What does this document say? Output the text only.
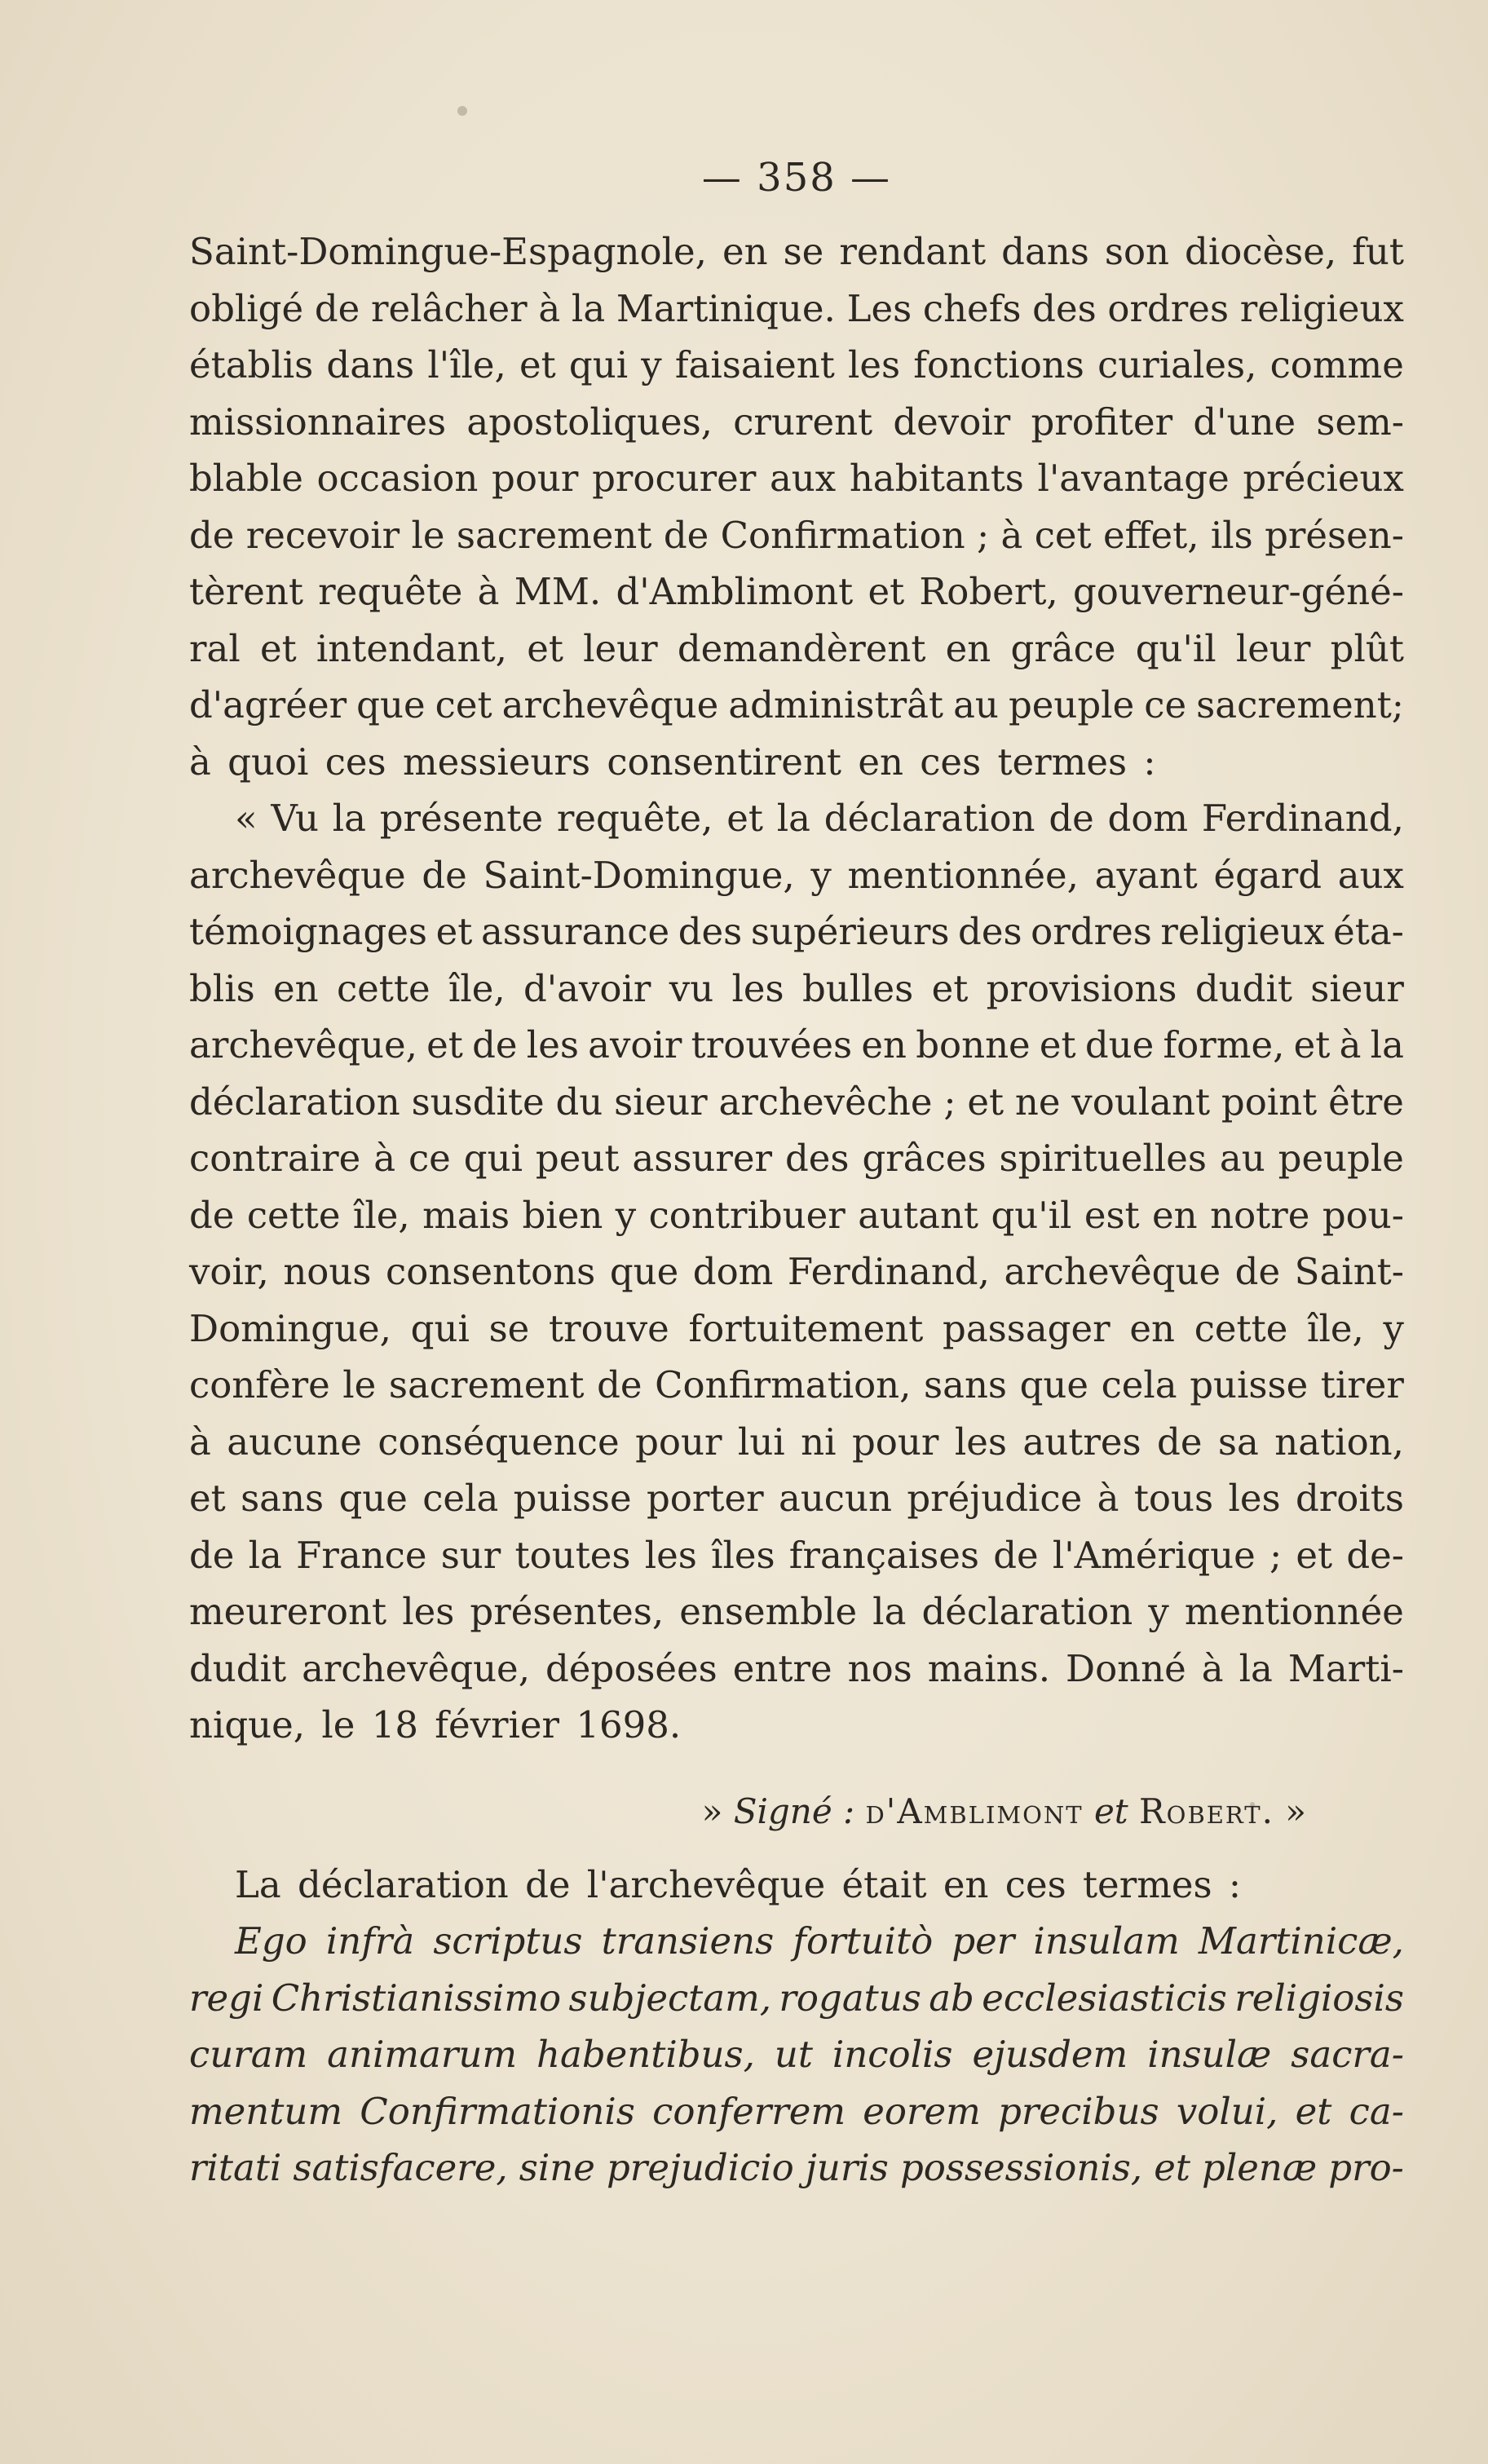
— 358 —
Saint-Domingue-Espagnole, en se rendant dans son diocèse, fut
obligé de relâcher à la Martinique. Les chefs des ordres religieux
établis dans l'île, et qui y faisaient les fonctions curiales, comme
missionnaires apostoliques, crurent devoir profiter d'une sem-
blable occasion pour procurer aux habitants l'avantage précieux
de recevoir le sacrement de Confirmation ; à cet effet, ils présen-
tèrent requête à MM. d'Amblimont et Robert, gouverneur-géné-
ral et intendant, et leur demandèrent en grâce qu'il leur plût
d'agréer que cet archevêque administrât au peuple ce sacrement;
à quoi ces messieurs consentirent en ces termes :
« Vu la présente requête, et la déclaration de dom Ferdinand,
archevêque de Saint-Domingue, y mentionnée, ayant égard aux
témoignages et assurance des supérieurs des ordres religieux éta-
blis en cette île, d'avoir vu les bulles et provisions dudit sieur
archevêque, et de les avoir trouvées en bonne et due forme, et à la
déclaration susdite du sieur archevêche ; et ne voulant point être
contraire à ce qui peut assurer des grâces spirituelles au peuple
de cette île, mais bien y contribuer autant qu'il est en notre pou-
voir, nous consentons que dom Ferdinand, archevêque de Saint-
Domingue, qui se trouve fortuitement passager en cette île, y
confère le sacrement de Confirmation, sans que cela puisse tirer
à aucune conséquence pour lui ni pour les autres de sa nation,
et sans que cela puisse porter aucun préjudice à tous les droits
de la France sur toutes les îles françaises de l'Amérique ; et de-
meureront les présentes, ensemble la déclaration y mentionnée
dudit archevêque, déposées entre nos mains. Donné à la Marti-
nique, le 18 février 1698.
» Signé : d'Amblimont et Robert. »
La déclaration de l'archevêque était en ces termes :
Ego infrà scriptus transiens fortuitò per insulam Martinicæ,
regi Christianissimo subjectam, rogatus ab ecclesiasticis religiosis
curam animarum habentibus, ut incolis ejusdem insulæ sacra-
mentum Confirmationis conferrem eorem precibus volui, et ca-
ritati satisfacere, sine prejudicio juris possessionis, et plenæ pro-
